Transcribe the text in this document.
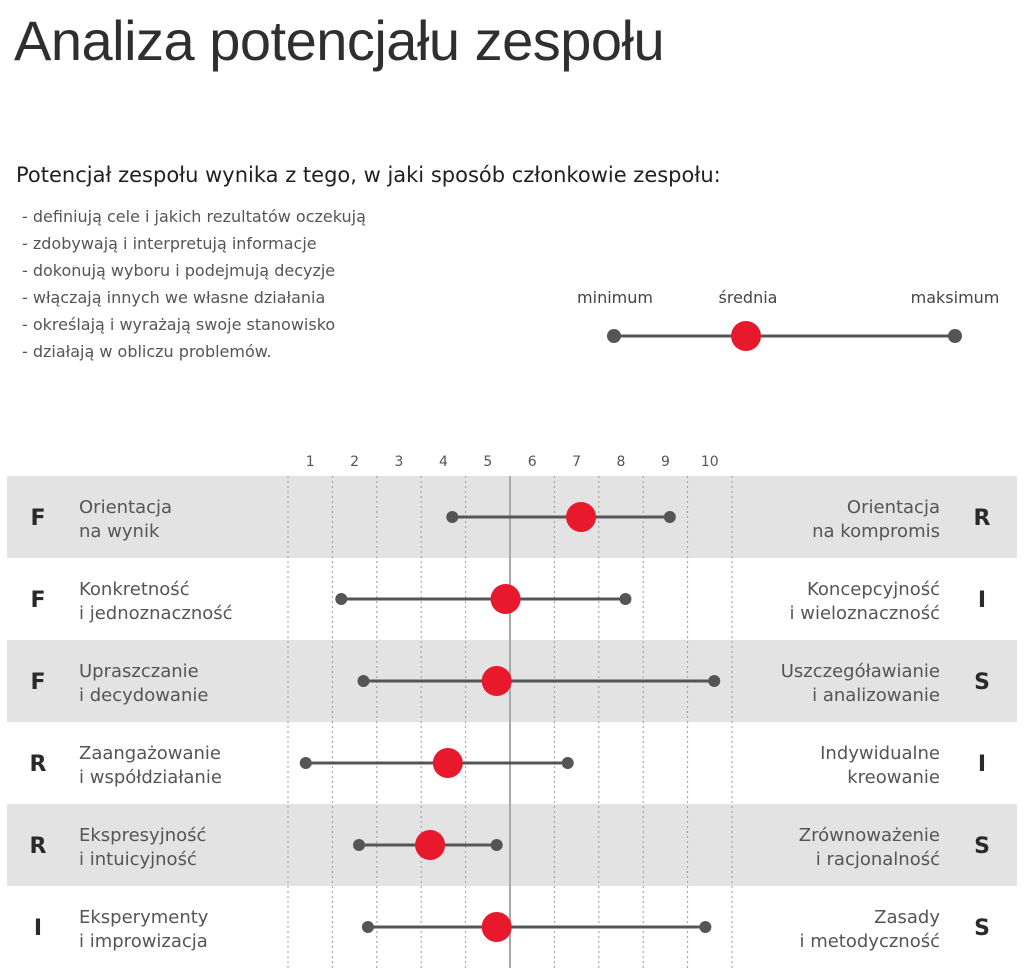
Analiza potencjału zespołu
Potencjał zespołu wynika z tego, w jaki sposób członkowie zespołu:
- definiują cele i jakich rezultatów oczekują
- zdobywają i interpretują informacje
- dokonują wyboru i podejmują decyzje
- włączają innych we własne działania
- określają i wyrażają swoje stanowisko
- działają w obliczu problemów.
minimum	średnia	maksimum
1	2	3	4	5	6	7	8	9 10
F	R
Orientacja
na wynik
Orientacja
na kompromis
F	I
Konkretność
i jednoznaczność
Koncepcyjność
i wieloznaczność
F	S
Upraszczanie
i decydowanie
Uszczegóławianie
i analizowanie
R	I
Zaangażowanie
i współdziałanie
Indywidualne
kreowanie
R	S
Ekspresyjność
i intuicyjność
Zrównoważenie
i racjonalność
I	S
Eksperymenty
i improwizacja
Zasady
i metodyczność
